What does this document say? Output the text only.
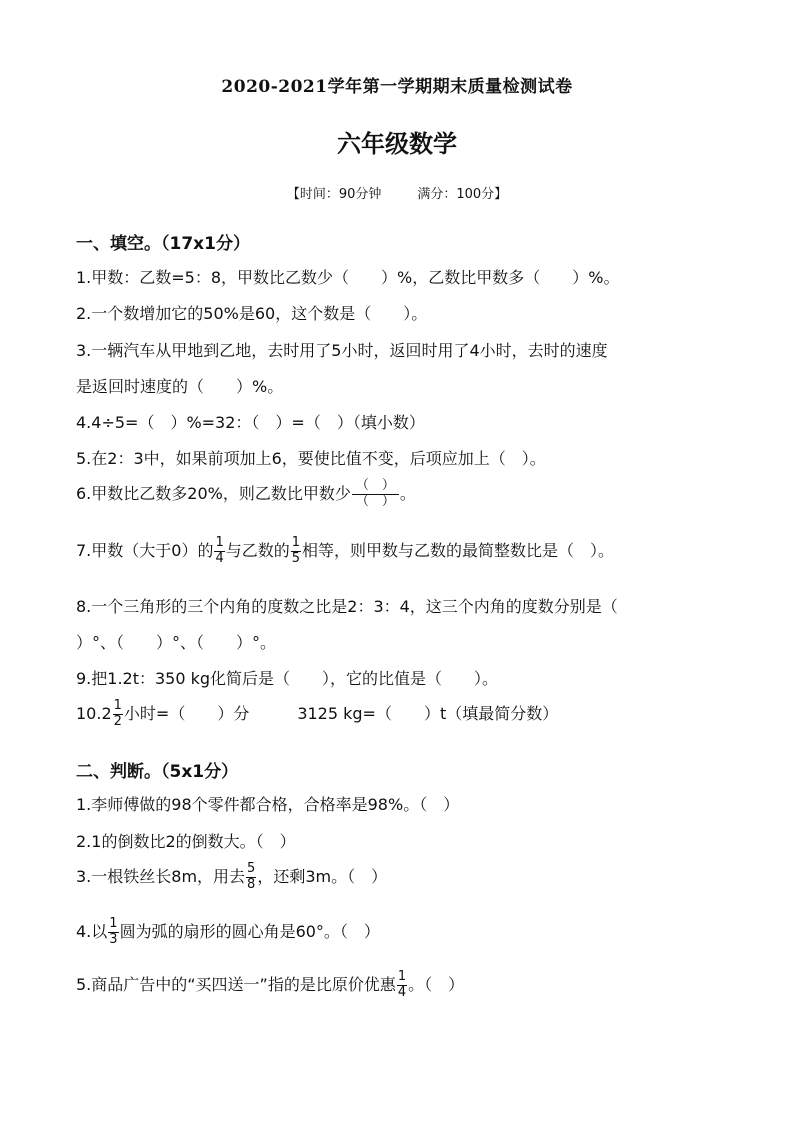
2020-2021学年第一学期期末质量检测试卷
六年级数学
【时间：90分钟	满分：100分】
一、填空。（17x1分）
1.甲数：乙数=5：8，甲数比乙数少（　　）%，乙数比甲数多（　　）%。
2.一个数增加它的50%是60，这个数是（　　）。
3.一辆汽车从甲地到乙地，去时用了5小时，返回时用了4小时，去时的速度
是返回时速度的（　　）%。
4.4÷5=（　）%=32：（　）=（　）（填小数）
5.在2：3中，如果前项加上6，要使比值不变，后项应加上（　）。
6.甲数比乙数多20%，则乙数比甲数少 $\frac{( )}{( )}$ 。
7.甲数（大于0）的 $\frac{1}{4}$ 与乙数的 $\frac{1}{5}$ 相等，则甲数与乙数的最简整数比是（　）。
8.一个三角形的三个内角的度数之比是2：3：4，这三个内角的度数分别是（
）°、（　　）°、（　　）°。
9.把1.2t：350 kg化简后是（　　），它的比值是（　　）。
$10.2 \frac{1}{2}$ 小时=（　　）分　　　3125 kg=（　　）t（填最简分数）
二、判断。（5x1分）
1.李师傅做的98个零件都合格，合格率是98%。（　）
2.1的倒数比2的倒数大。（　）
3.一根铁丝长8m，用去 $\frac{5}{8}$ ，还剩3m。（　）
4.以 $\frac{1}{3}$ 圆为弧的扇形的圆心角是60°。（　）
5.商品广告中的“买四送一”指的是比原价优惠 $\frac{1}{4}$ 。（　）
